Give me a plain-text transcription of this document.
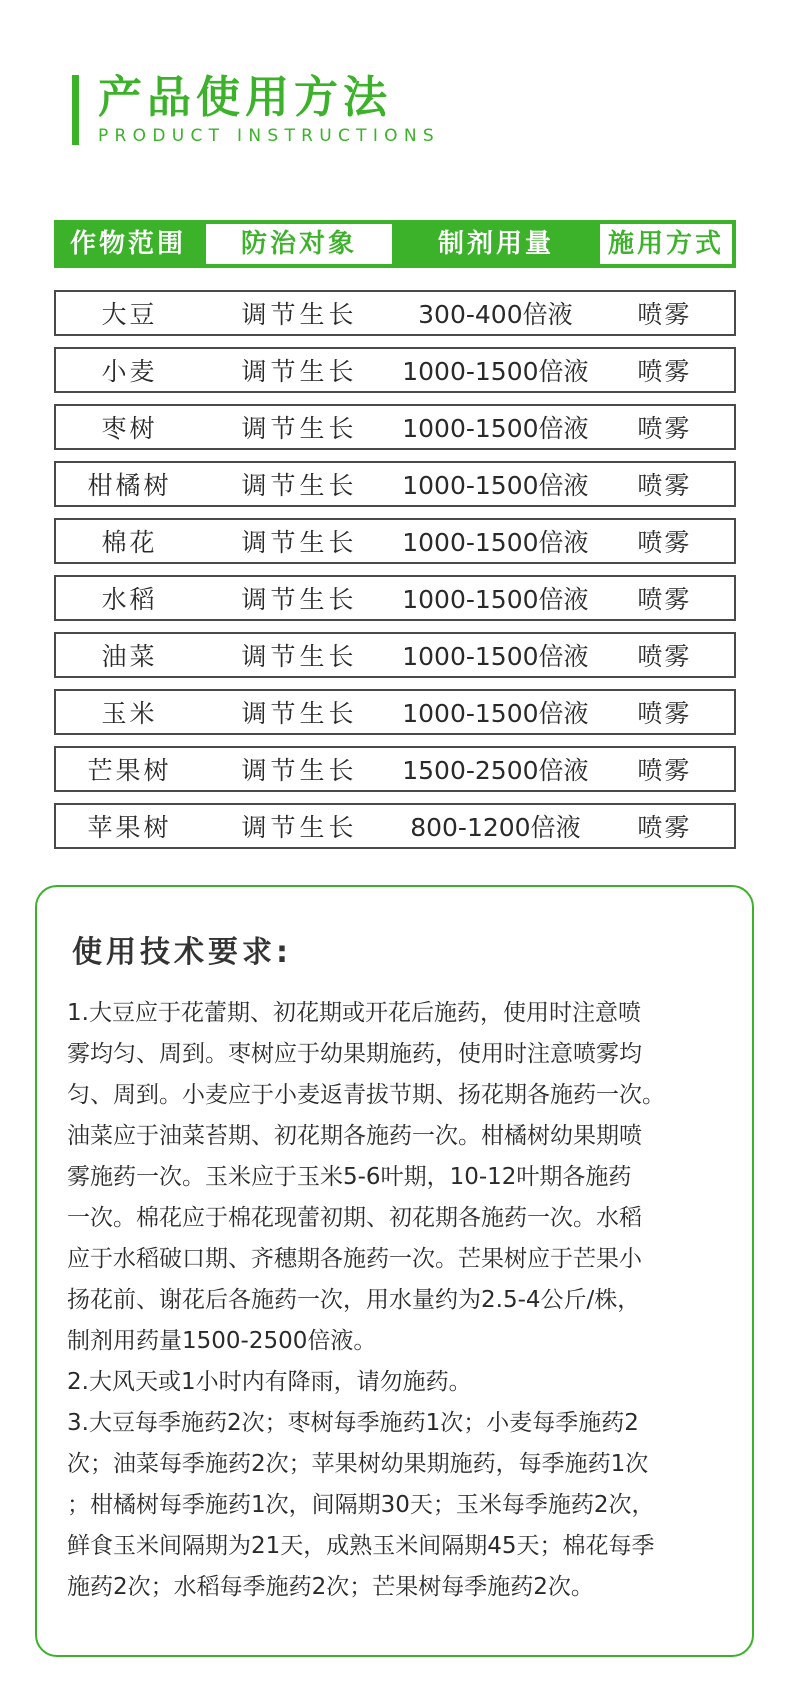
产品使用方法
PRODUCT INSTRUCTIONS
作物范围	防治对象	制剂用量	施用方式
大豆	调节生长	300-400倍液	喷雾
小麦	调节生长	1000-1500倍液	喷雾
枣树	调节生长	1000-1500倍液	喷雾
柑橘树	调节生长	1000-1500倍液	喷雾
棉花	调节生长	1000-1500倍液	喷雾
水稻	调节生长	1000-1500倍液	喷雾
油菜	调节生长	1000-1500倍液	喷雾
玉米	调节生长	1000-1500倍液	喷雾
芒果树	调节生长	1500-2500倍液	喷雾
苹果树	调节生长	800-1200倍液	喷雾
使用技术要求:

1.大豆应于花蕾期、初花期或开花后施药，使用时注意喷

雾均匀、周到。枣树应于幼果期施药，使用时注意喷雾均

匀、周到。小麦应于小麦返青拔节期、扬花期各施药一次。

油菜应于油菜苔期、初花期各施药一次。柑橘树幼果期喷

雾施药一次。玉米应于玉米5-6叶期，10-12叶期各施药

一次。棉花应于棉花现蕾初期、初花期各施药一次。水稻

应于水稻破口期、齐穗期各施药一次。芒果树应于芒果小

扬花前、谢花后各施药一次，用水量约为2.5-4公斤/株，

制剂用药量1500-2500倍液。

2.大风天或1小时内有降雨，请勿施药。

3.大豆每季施药2次；枣树每季施药1次；小麦每季施药2

次；油菜每季施药2次；苹果树幼果期施药，每季施药1次

；柑橘树每季施药1次，间隔期30天；玉米每季施药2次，

鲜食玉米间隔期为21天，成熟玉米间隔期45天；棉花每季

施药2次；水稻每季施药2次；芒果树每季施药2次。
